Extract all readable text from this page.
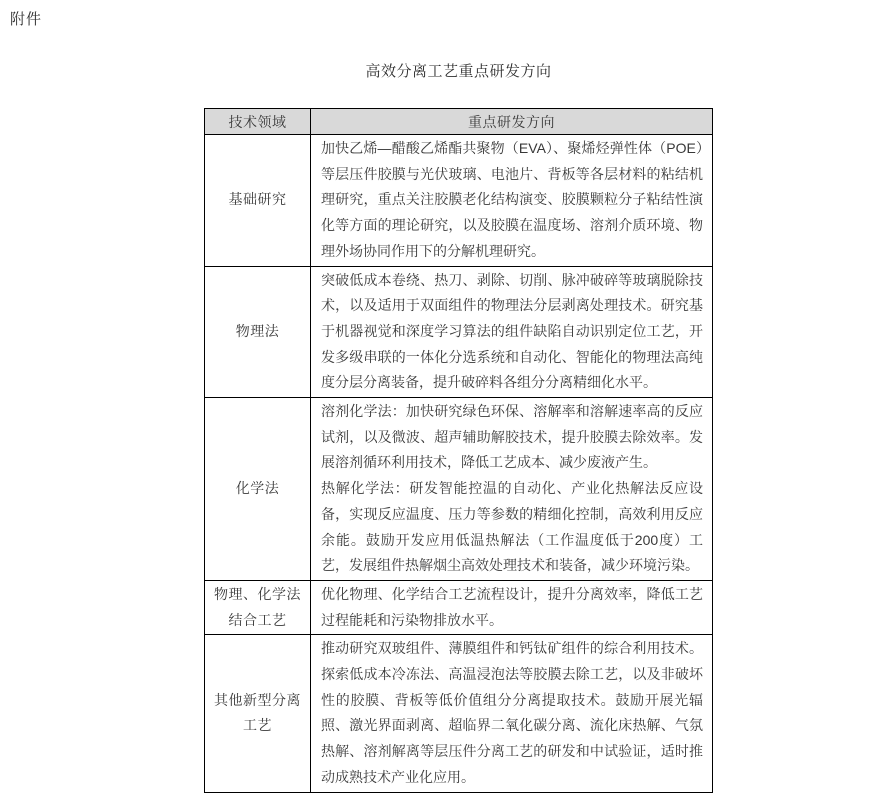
附件
高效分离工艺重点研发方向
技术领域	重点研发方向
基础研究	加快乙烯—醋酸乙烯酯共聚物（EVA）、聚烯烃弹性体（POE）等层压件胶膜与光伏玻璃、电池片、背板等各层材料的粘结机理研究，重点关注胶膜老化结构演变、胶膜颗粒分子粘结性演化等方面的理论研究，以及胶膜在温度场、溶剂介质环境、物理外场协同作用下的分解机理研究。

物理法	突破低成本卷绕、热刀、剥除、切削、脉冲破碎等玻璃脱除技术，以及适用于双面组件的物理法分层剥离处理技术。研究基于机器视觉和深度学习算法的组件缺陷自动识别定位工艺，开发多级串联的一体化分选系统和自动化、智能化的物理法高纯度分层分离装备，提升破碎料各组分分离精细化水平。

化学法	溶剂化学法：加快研究绿色环保、溶解率和溶解速率高的反应试剂，以及微波、超声辅助解胶技术，提升胶膜去除效率。发展溶剂循环利用技术，降低工艺成本、减少废液产生。

热解化学法：研发智能控温的自动化、产业化热解法反应设备，实现反应温度、压力等参数的精细化控制，高效利用反应余能。鼓励开发应用低温热解法（工作温度低于200度）工艺，发展组件热解烟尘高效处理技术和装备，减少环境污染。

物理、化学法结合工艺	优化物理、化学结合工艺流程设计，提升分离效率，降低工艺过程能耗和污染物排放水平。

其他新型分离工艺	推动研究双玻组件、薄膜组件和钙钛矿组件的综合利用技术。探索低成本冷冻法、高温浸泡法等胶膜去除工艺，以及非破坏性的胶膜、背板等低价值组分分离提取技术。鼓励开展光辐照、激光界面剥离、超临界二氧化碳分离、流化床热解、气氛热解、溶剂解离等层压件分离工艺的研发和中试验证，适时推动成熟技术产业化应用。
